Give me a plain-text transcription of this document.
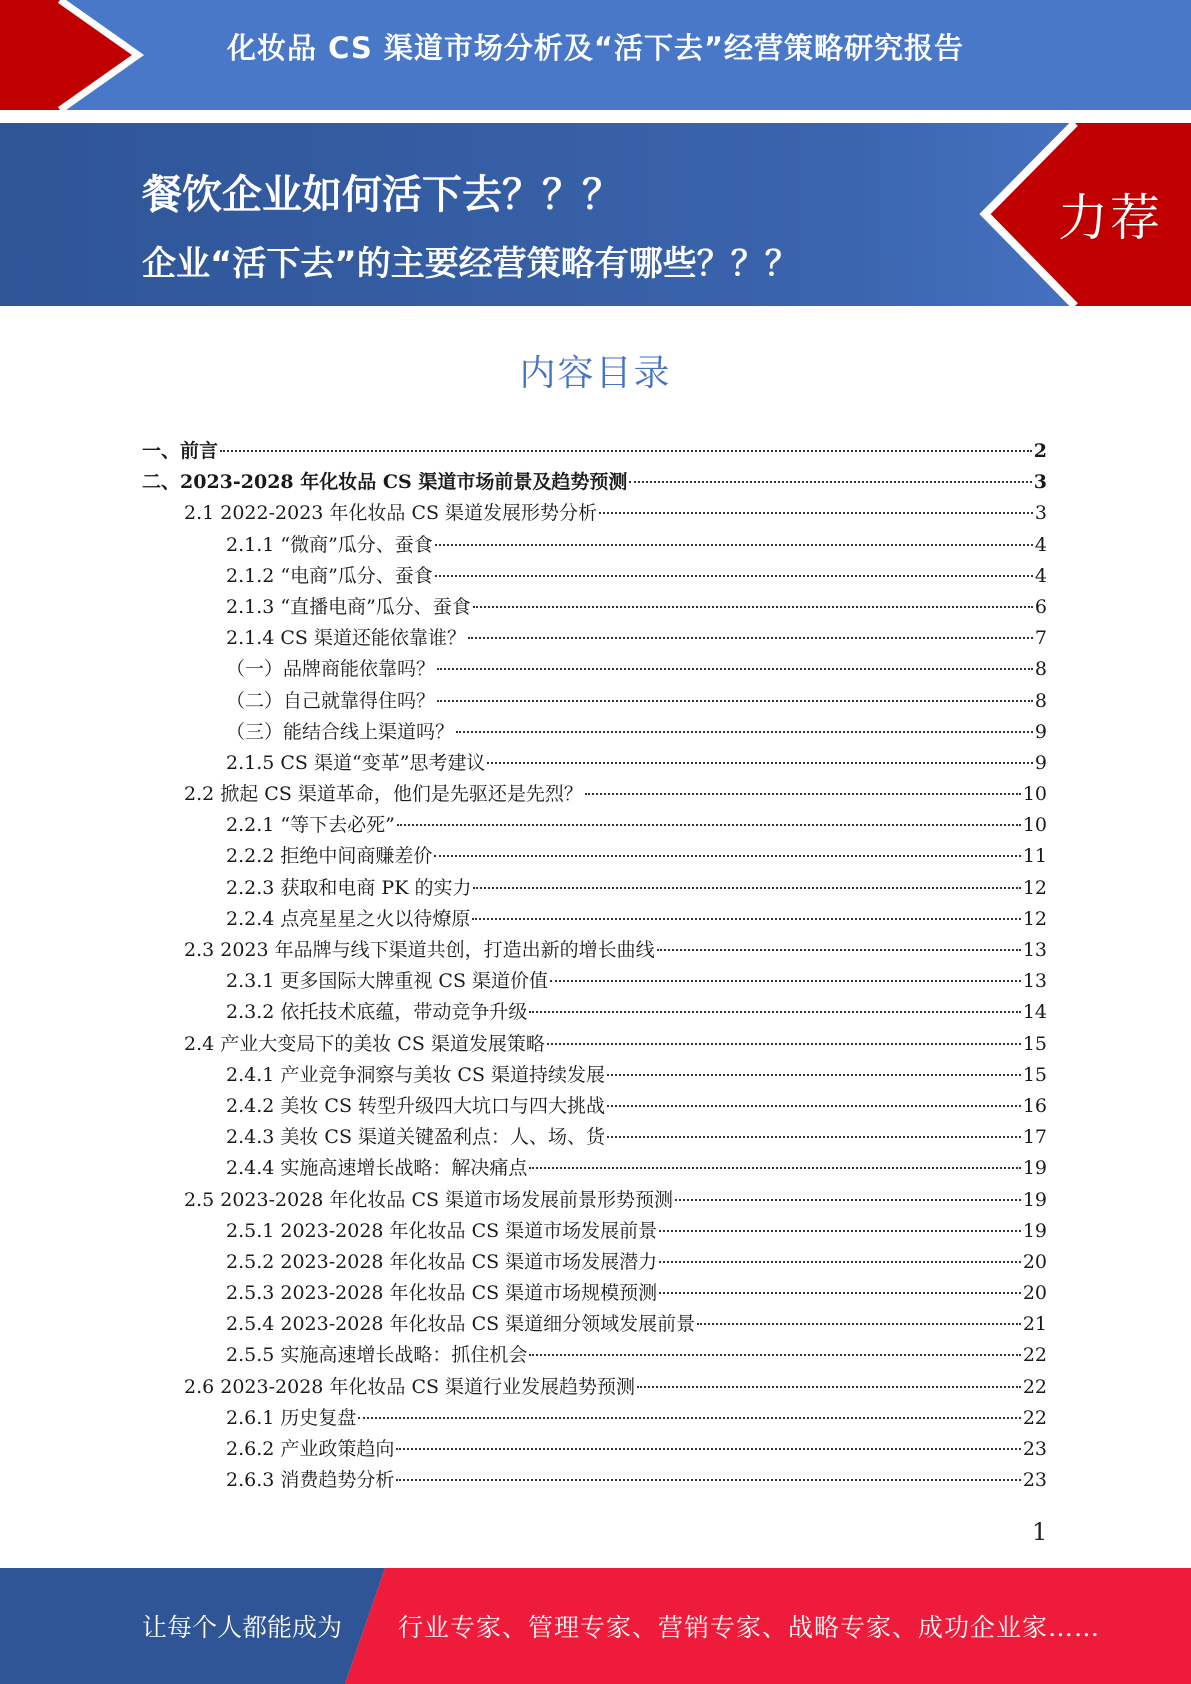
化妆品 CS 渠道市场分析及“活下去”经营策略研究报告
餐饮企业如何活下去？？？
企业“活下去”的主要经营策略有哪些？？？
力荐
内容目录
一、前言	2
二、2023-2028 年化妆品 CS 渠道市场前景及趋势预测	3
2.1 2022-2023 年化妆品 CS 渠道发展形势分析	3
2.1.1 “微商”瓜分、蚕食	4
2.1.2 “电商”瓜分、蚕食	4
2.1.3 “直播电商”瓜分、蚕食	6
2.1.4 CS 渠道还能依靠谁？	7
（一）品牌商能依靠吗？	8
（二）自己就靠得住吗？	8
（三）能结合线上渠道吗？	9
2.1.5 CS 渠道“变革”思考建议	9
2.2 掀起 CS 渠道革命，他们是先驱还是先烈？	10
2.2.1 “等下去必死”	10
2.2.2 拒绝中间商赚差价	11
2.2.3 获取和电商 PK 的实力	12
2.2.4 点亮星星之火以待燎原	12
2.3 2023 年品牌与线下渠道共创，打造出新的增长曲线	13
2.3.1 更多国际大牌重视 CS 渠道价值	13
2.3.2 依托技术底蕴，带动竞争升级	14
2.4 产业大变局下的美妆 CS 渠道发展策略	15
2.4.1 产业竞争洞察与美妆 CS 渠道持续发展	15
2.4.2 美妆 CS 转型升级四大坑口与四大挑战	16
2.4.3 美妆 CS 渠道关键盈利点：人、场、货	17
2.4.4 实施高速增长战略：解决痛点	19
2.5 2023-2028 年化妆品 CS 渠道市场发展前景形势预测	19
2.5.1 2023-2028 年化妆品 CS 渠道市场发展前景	19
2.5.2 2023-2028 年化妆品 CS 渠道市场发展潜力	20
2.5.3 2023-2028 年化妆品 CS 渠道市场规模预测	20
2.5.4 2023-2028 年化妆品 CS 渠道细分领域发展前景	21
2.5.5 实施高速增长战略：抓住机会	22
2.6 2023-2028 年化妆品 CS 渠道行业发展趋势预测	22
2.6.1 历史复盘	22
2.6.2 产业政策趋向	23
2.6.3 消费趋势分析	23
1
让每个人都能成为 行业专家、管理专家、营销专家、战略专家、成功企业家……
